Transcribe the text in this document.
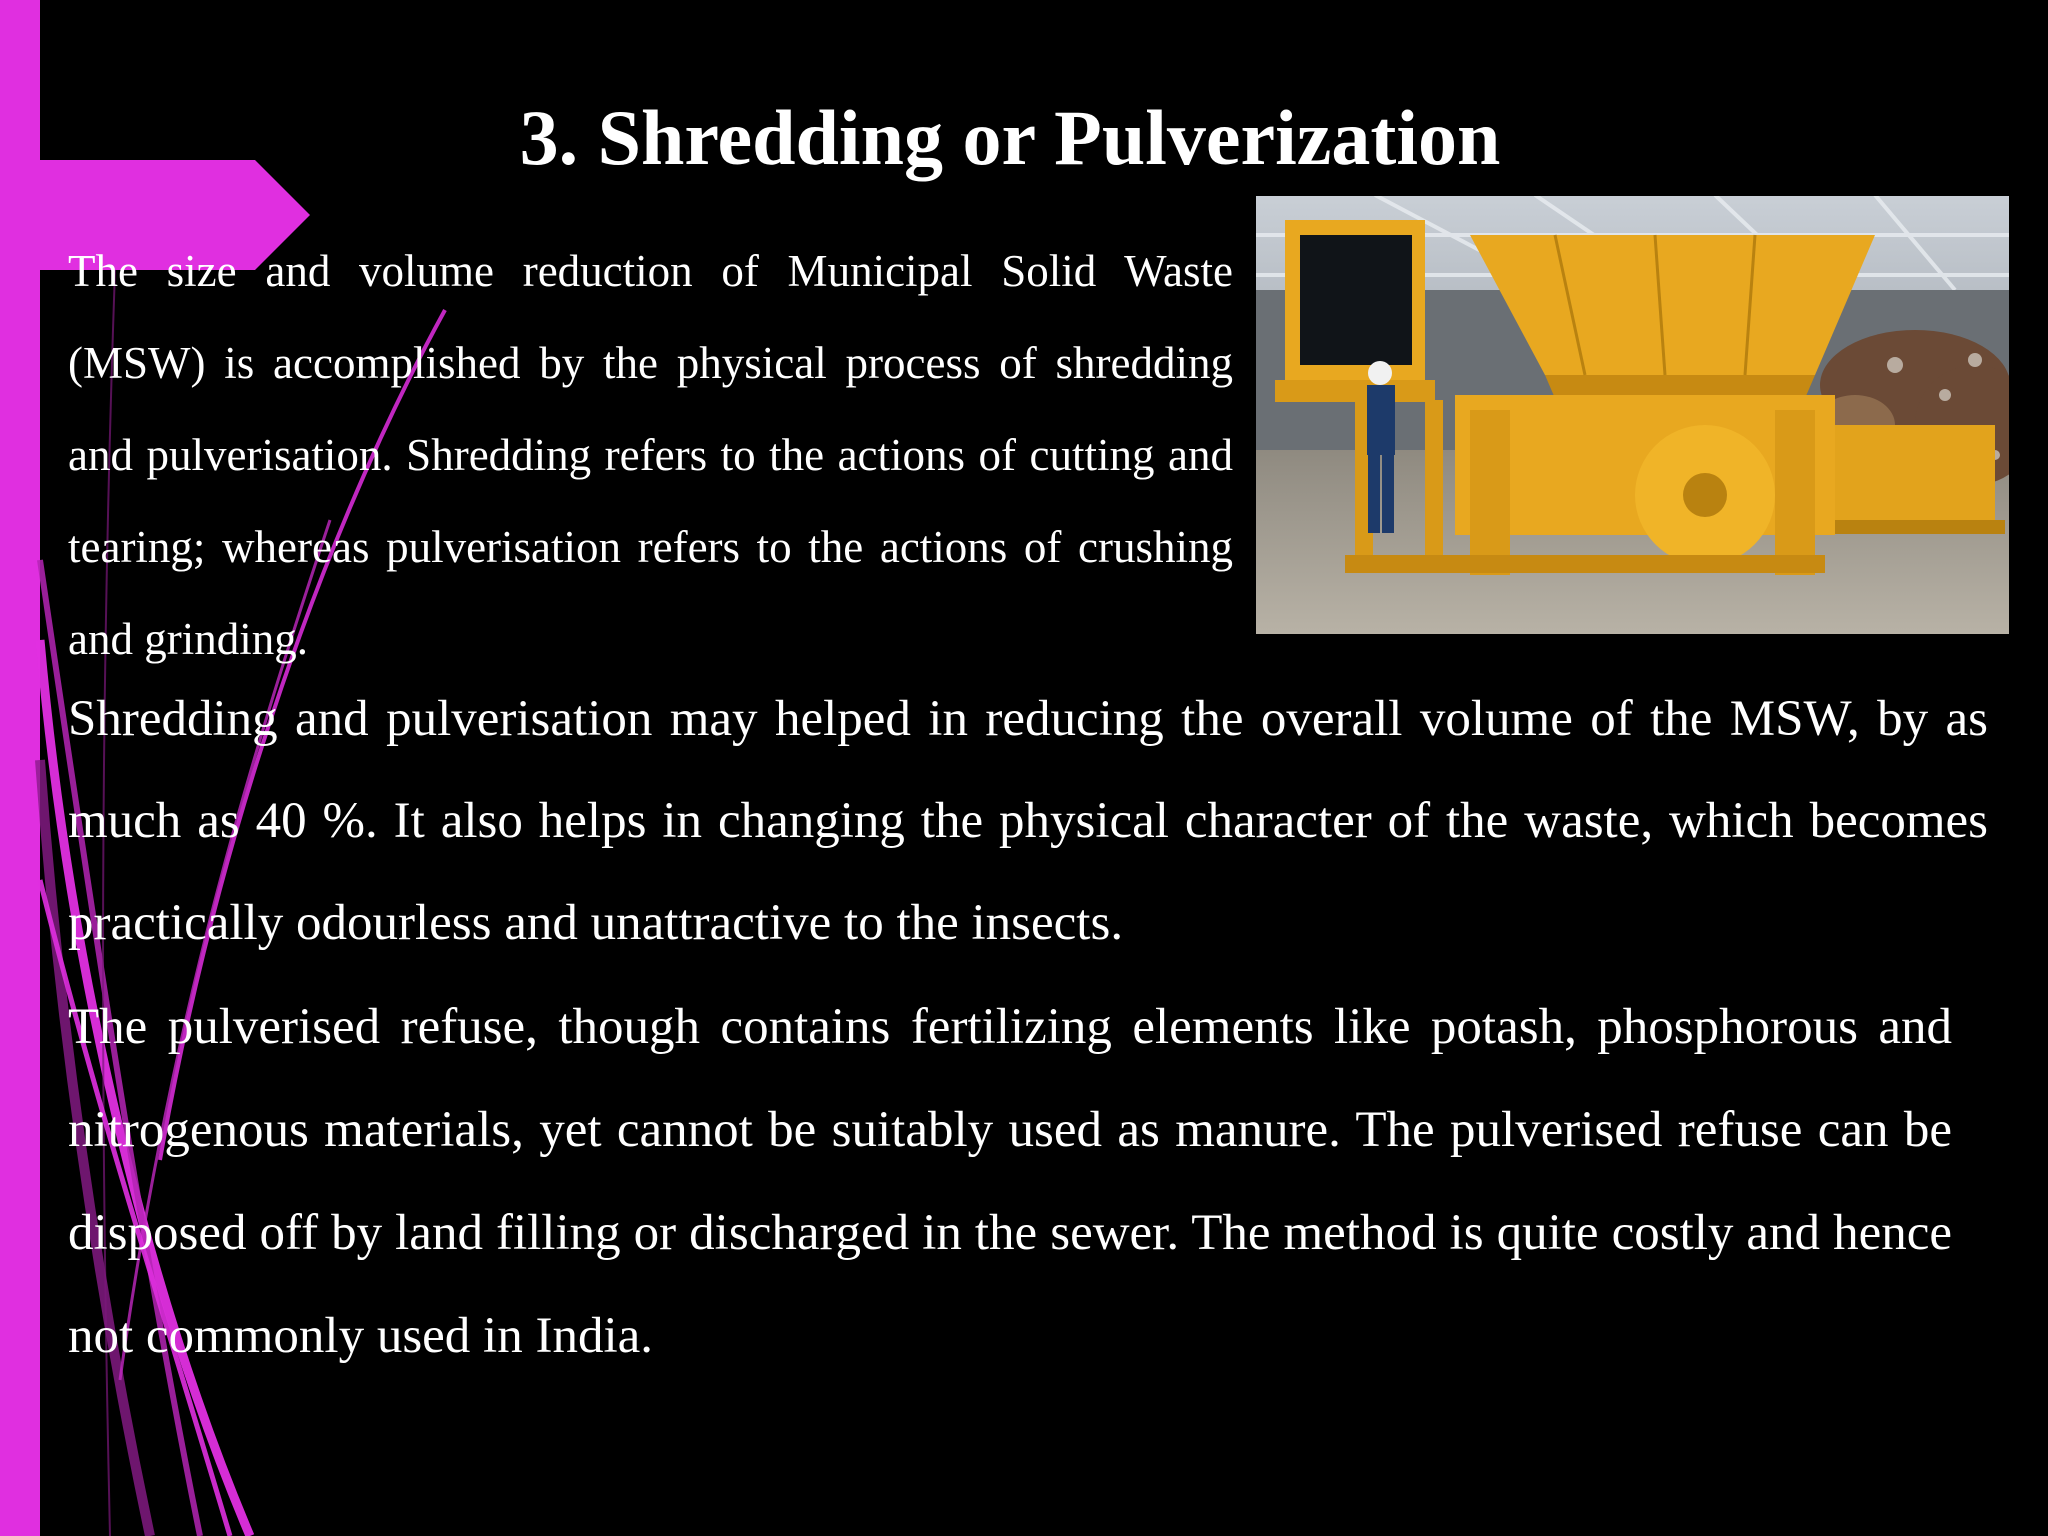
3. Shredding or Pulverization

The size and volume reduction of Municipal Solid Waste (MSW) is accomplished by the physical process of shredding and pulverisation. Shredding refers to the actions of cutting and tearing; whereas pulverisation refers to the actions of crushing and grinding.

Shredding and pulverisation may helped in reducing the overall volume of the MSW, by as much as 40 %. It also helps in changing the physical character of the waste, which becomes practically odourless and unattractive to the insects.

The pulverised refuse, though contains fertilizing elements like potash, phosphorous and nitrogenous materials, yet cannot be suitably used as manure. The pulverised refuse can be disposed off by land filling or discharged in the sewer. The method is quite costly and hence not commonly used in India.
